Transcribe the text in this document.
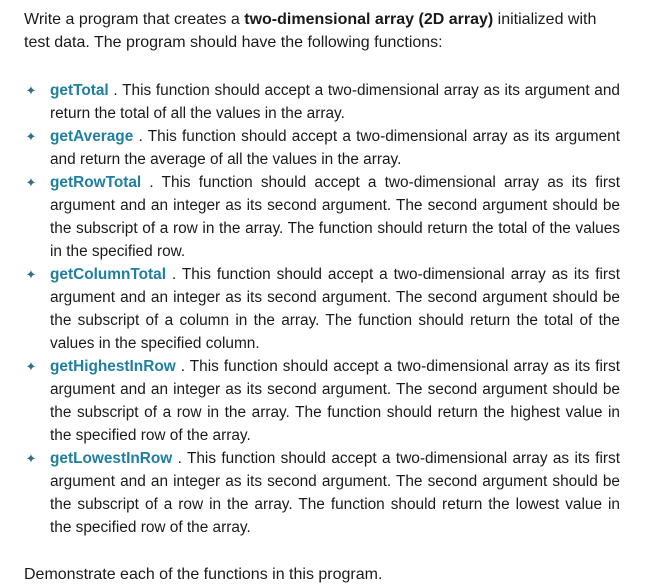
Write a program that creates a two-dimensional array (2D array) initialized with test data. The program should have the following functions:

✦ getTotal . This function should accept a two-dimensional array as its argument and return the total of all the values in the array.
✦ getAverage . This function should accept a two-dimensional array as its argument and return the average of all the values in the array.
✦ getRowTotal . This function should accept a two-dimensional array as its first argument and an integer as its second argument. The second argument should be the subscript of a row in the array. The function should return the total of the values in the specified row.
✦ getColumnTotal . This function should accept a two-dimensional array as its first argument and an integer as its second argument. The second argument should be the subscript of a column in the array. The function should return the total of the values in the specified column.
✦ getHighestInRow . This function should accept a two-dimensional array as its first argument and an integer as its second argument. The second argument should be the subscript of a row in the array. The function should return the highest value in the specified row of the array.
✦ getLowestInRow . This function should accept a two-dimensional array as its first argument and an integer as its second argument. The second argument should be the subscript of a row in the array. The function should return the lowest value in the specified row of the array.

Demonstrate each of the functions in this program.
